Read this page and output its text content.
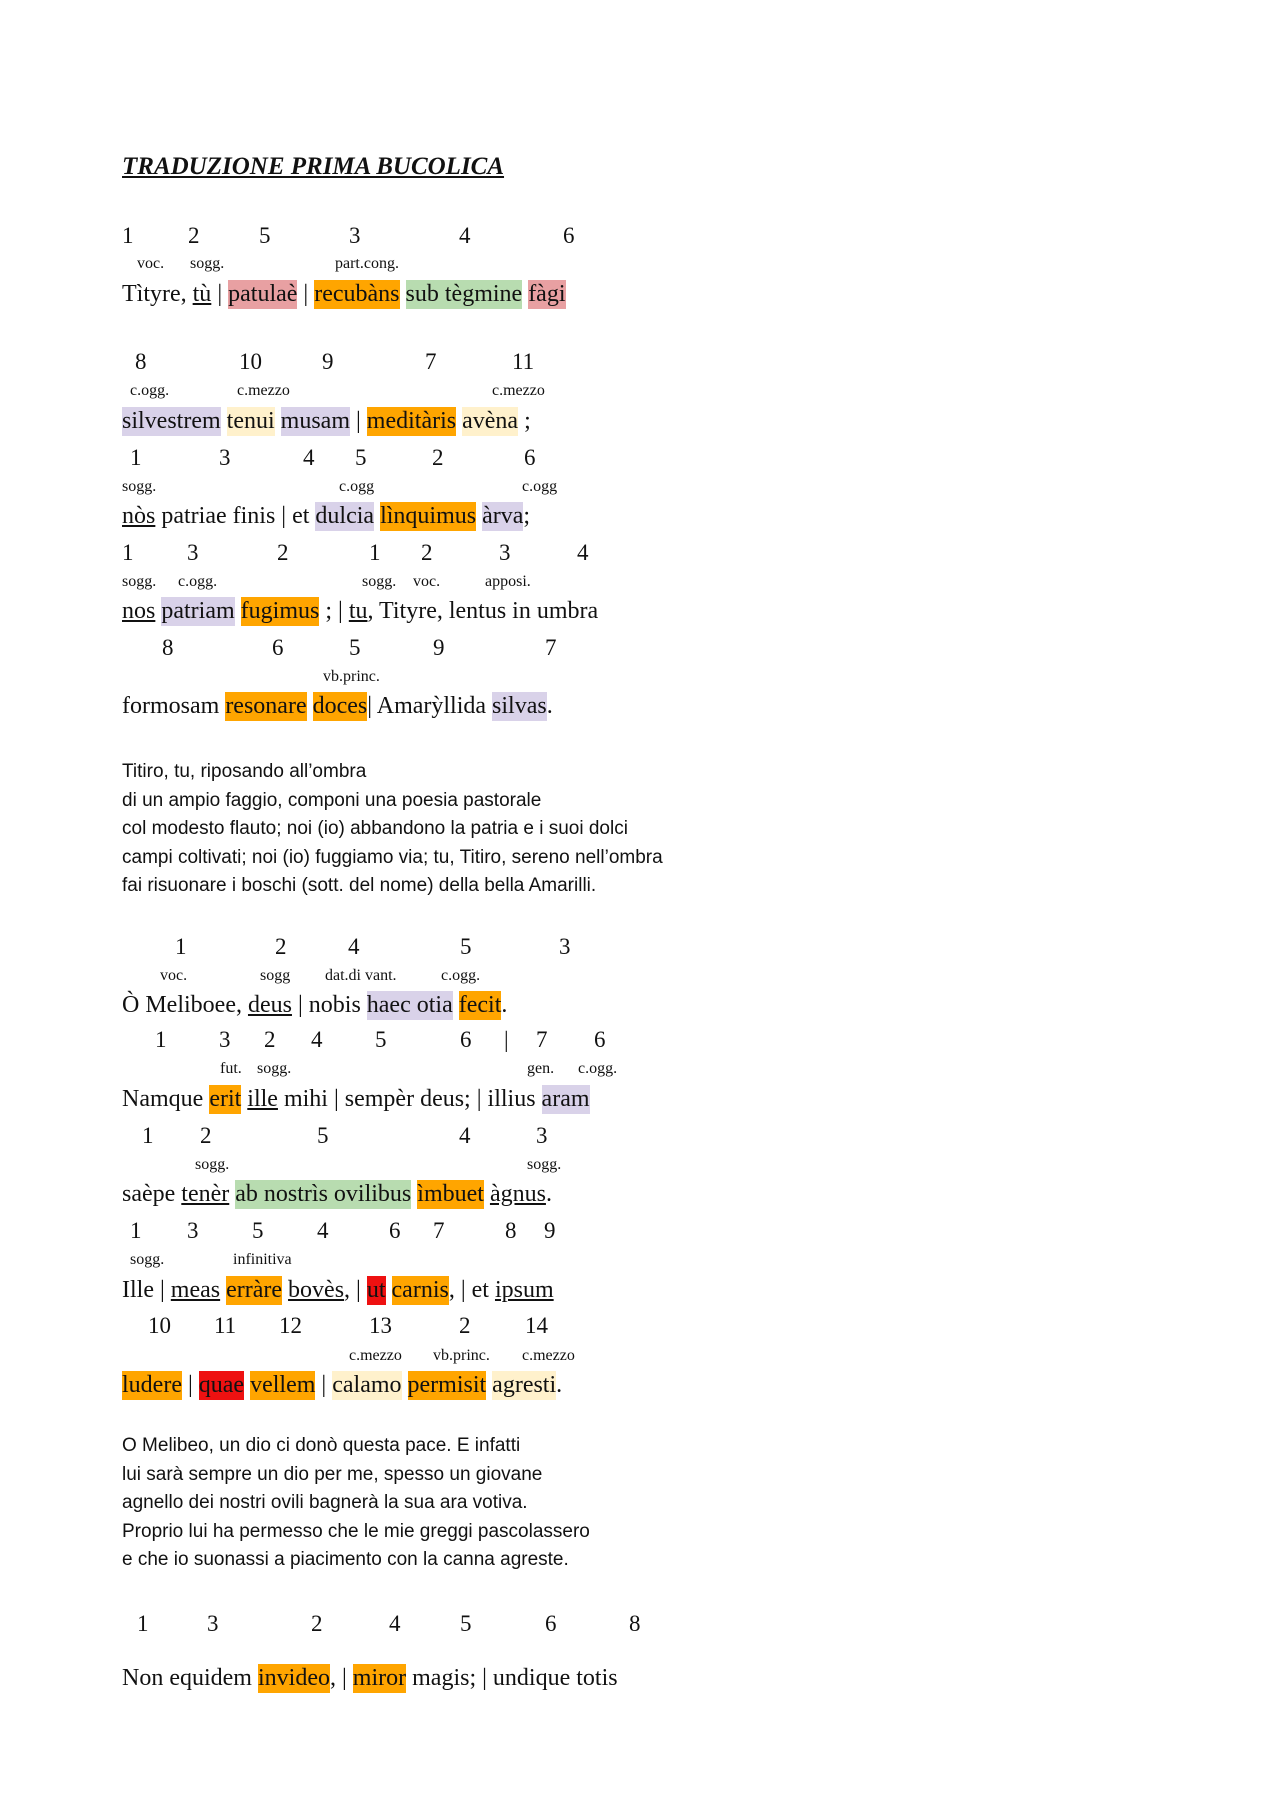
TRADUZIONE PRIMA BUCOLICA
1 2	5	3	4	6
voc. sogg.	part.cong.
Tìtyre, tù | patulaè | recubàns sub tègmine fàgi
8	10	9	7	11
c.ogg.	c.mezzo	c.mezzo
silvestrem tenui musam | meditàris avèna ;
1	3	4 5	2	6
sogg.	c.ogg	c.ogg
nòs patriae finis | et dulcia lìnquimus àrva;
1 3	2	1 2	3	4
sogg. c.ogg.	sogg. voc.	apposi.
nos patriam fugimus ; | tu, Tityre, lentus in umbra
8	6	5	9	7
vb.princ.
formosam resonare doces| Amarỳllida silvas.
1	2	4	5	3
voc.	sogg dat.di vant.	c.ogg.
Ò Meliboee, deus | nobis haec otia fecit.
1 3 2 4 5	6 | 7 6
fut. sogg.	gen. c.ogg.
Namque erit ille mihi | sempèr deus; | illius aram
1 2	5	4	3
sogg.	sogg.
saèpe tenèr ab nostrìs ovilibus ìmbuet àgnus.
1 3 5 4	6 7	8 9
sogg.	infinitiva
Ille | meas erràre bovès, | ut carnis, | et ipsum
10 11 12	13	2 14
c.mezzo vb.princ. c.mezzo
ludere | quae vellem | calamo permisit agresti.
1	3	2	4	5	6	8
Non equidem invideo, | miror magis; | undique totis
Titiro, tu, riposando all’ombra
di un ampio faggio, componi una poesia pastorale
col modesto flauto; noi (io) abbandono la patria e i suoi dolci
campi coltivati; noi (io) fuggiamo via; tu, Titiro, sereno nell’ombra
fai risuonare i boschi (sott. del nome) della bella Amarilli.
O Melibeo, un dio ci donò questa pace. E infatti
lui sarà sempre un dio per me, spesso un giovane
agnello dei nostri ovili bagnerà la sua ara votiva.
Proprio lui ha permesso che le mie greggi pascolassero
e che io suonassi a piacimento con la canna agreste.
